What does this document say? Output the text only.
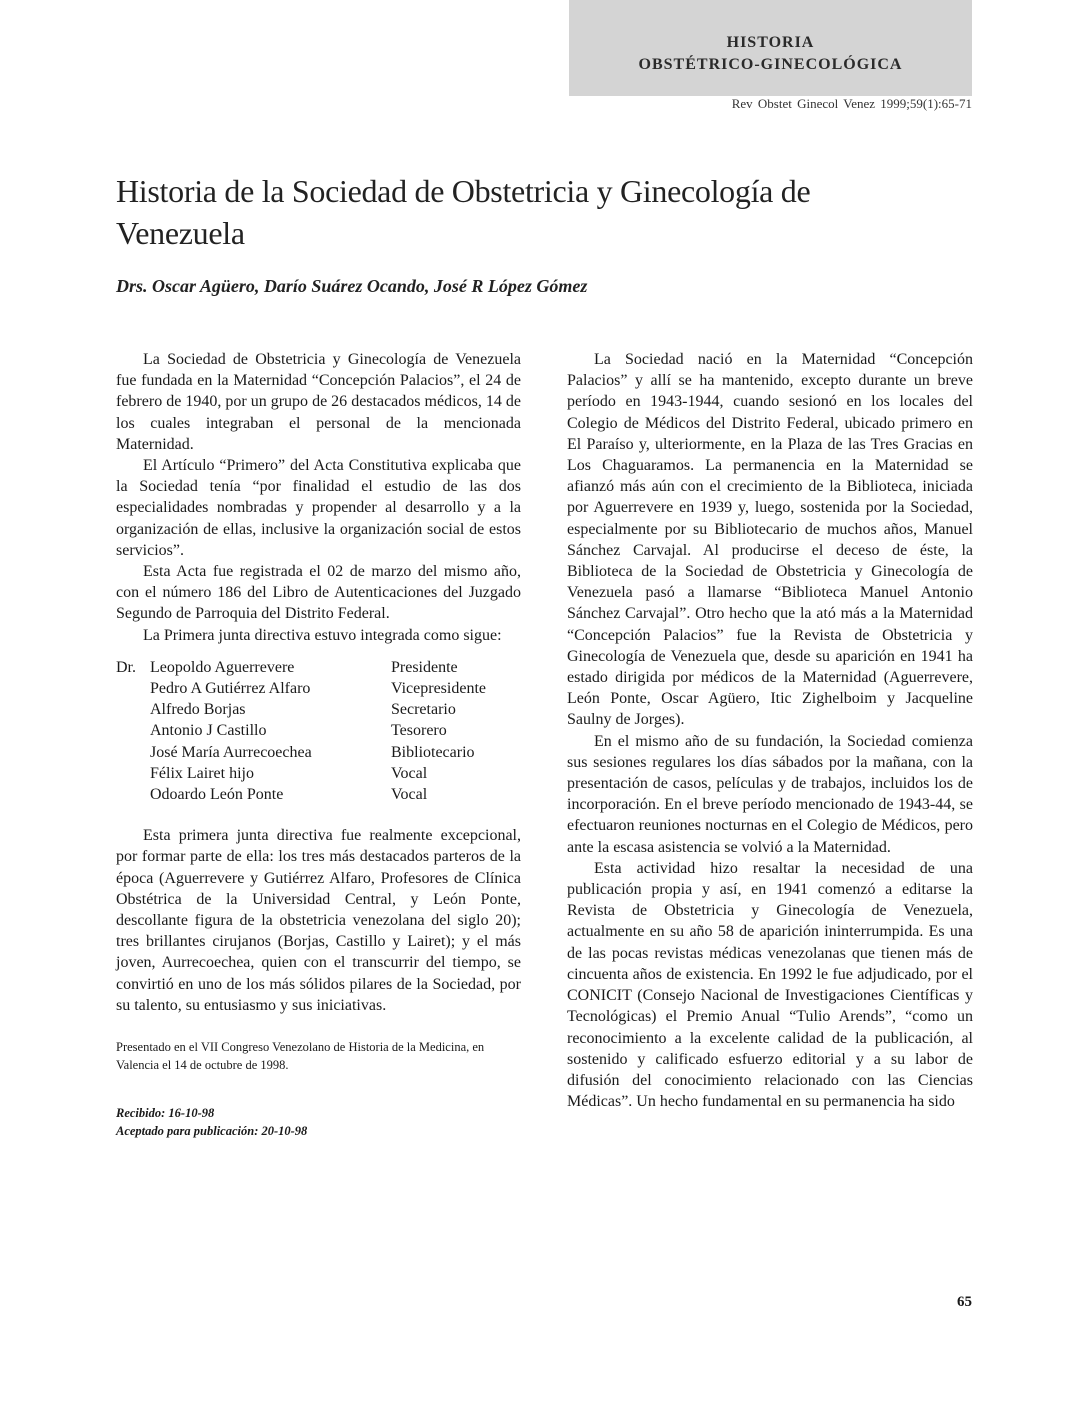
HISTORIA
OBSTÉTRICO-GINECOLÓGICA
Rev Obstet Ginecol Venez 1999;59(1):65-71
Historia de la Sociedad de Obstetricia y Ginecología de Venezuela
Drs. Oscar Agüero, Darío Suárez Ocando, José R López Gómez

La Sociedad de Obstetricia y Ginecología de Venezuela fue fundada en la Maternidad “Concepción Palacios”, el 24 de febrero de 1940, por un grupo de 26 destacados médicos, 14 de los cuales integraban el personal de la mencionada Maternidad.

El Artículo “Primero” del Acta Constitutiva explicaba que la Sociedad tenía “por finalidad el estudio de las dos especialidades nombradas y propender al desarrollo y a la organización de ellas, inclusive la organización social de estos servicios”.

Esta Acta fue registrada el 02 de marzo del mismo año, con el número 186 del Libro de Autenticaciones del Juzgado Segundo de Parroquia del Distrito Federal.

La Primera junta directiva estuvo integrada como sigue:

Dr. Leopoldo Aguerrevere	Presidente
Pedro A Gutiérrez Alfaro	Vicepresidente
Alfredo Borjas	Secretario
Antonio J Castillo	Tesorero
José María Aurrecoechea	Bibliotecario
Félix Lairet hijo	Vocal
Odoardo León Ponte	Vocal

Esta primera junta directiva fue realmente excepcional, por formar parte de ella: los tres más destacados parteros de la época (Aguerrevere y Gutiérrez Alfaro, Profesores de Clínica Obstétrica de la Universidad Central, y León Ponte, descollante figura de la obstetricia venezolana del siglo 20); tres brillantes cirujanos (Borjas, Castillo y Lairet); y el más joven, Aurrecoechea, quien con el transcurrir del tiempo, se convirtió en uno de los más sólidos pilares de la Sociedad, por su talento, su entusiasmo y sus iniciativas.

Presentado en el VII Congreso Venezolano de Historia de la Medicina, en Valencia el 14 de octubre de 1998.
Recibido: 16-10-98
Aceptado para publicación: 20-10-98

La Sociedad nació en la Maternidad “Concepción Palacios” y allí se ha mantenido, excepto durante un breve período en 1943-1944, cuando sesionó en los locales del Colegio de Médicos del Distrito Federal, ubicado primero en El Paraíso y, ulteriormente, en la Plaza de las Tres Gracias en Los Chaguaramos. La permanencia en la Maternidad se afianzó más aún con el crecimiento de la Biblioteca, iniciada por Aguerrevere en 1939 y, luego, sostenida por la Sociedad, especialmente por su Bibliotecario de muchos años, Manuel Sánchez Carvajal. Al producirse el deceso de éste, la Biblioteca de la Sociedad de Obstetricia y Ginecología de Venezuela pasó a llamarse “Biblioteca Manuel Antonio Sánchez Carvajal”. Otro hecho que la ató más a la Maternidad “Concepción Palacios” fue la Revista de Obstetricia y Ginecología de Venezuela que, desde su aparición en 1941 ha estado dirigida por médicos de la Maternidad (Aguerrevere, León Ponte, Oscar Agüero, Itic Zighelboim y Jacqueline Saulny de Jorges).

En el mismo año de su fundación, la Sociedad comienza sus sesiones regulares los días sábados por la mañana, con la presentación de casos, películas y de trabajos, incluidos los de incorporación. En el breve período mencionado de 1943-44, se efectuaron reuniones nocturnas en el Colegio de Médicos, pero ante la escasa asistencia se volvió a la Maternidad.

Esta actividad hizo resaltar la necesidad de una publicación propia y así, en 1941 comenzó a editarse la Revista de Obstetricia y Ginecología de Venezuela, actualmente en su año 58 de aparición ininterrumpida. Es una de las pocas revistas médicas venezolanas que tienen más de cincuenta años de existencia. En 1992 le fue adjudicado, por el CONICIT (Consejo Nacional de Investigaciones Científicas y Tecnológicas) el Premio Anual “Tulio Arends”, “como un reconocimiento a la excelente calidad de la publicación, al sostenido y calificado esfuerzo editorial y a su labor de difusión del conocimiento relacionado con las Ciencias Médicas”. Un hecho fundamental en su permanencia ha sido

65
